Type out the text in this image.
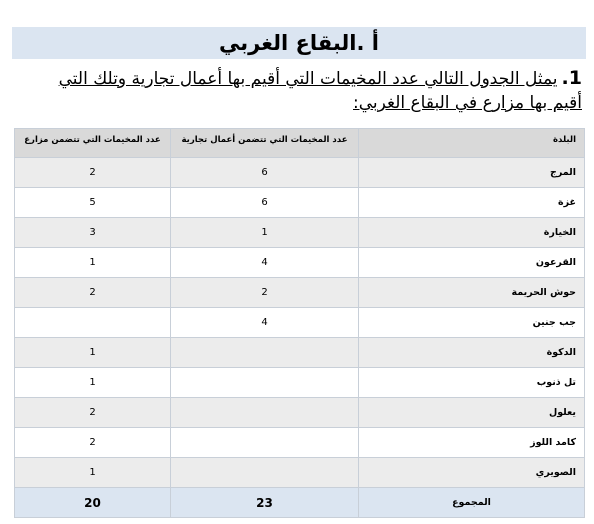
أ .البقاع الغربي
1.يمثل الجدول التالي عدد المخيمات التي أقيم بها أعمال تجارية وتلك التي
أقيم بها مزارع في البقاع الغربي:
البلدة	عدد المخيمات التي تتضمن أعمال تجارية	عدد المخيمات التي تتضمن مزارع
المرج	6	2
غزة	6	5
الخيارة	1	3
القرعون	4	1
حوش الحريمة	2	2
جب جنين	4	
الدكوة		1
تل ذنوب		1
يعلول		2
كامد اللوز		2
الصويري		1
المجموع	23	20
